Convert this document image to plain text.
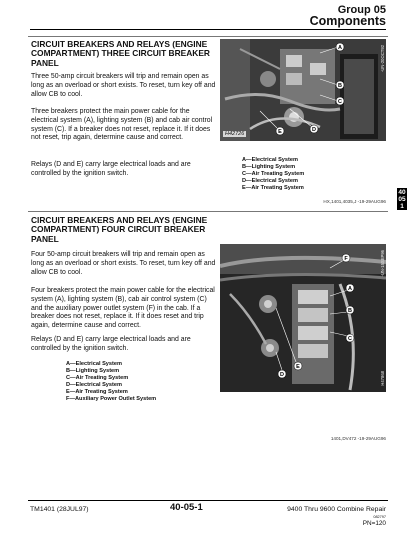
Group 05
Components
40
05
1
CIRCUIT BREAKERS AND RELAYS (ENGINE COMPARTMENT) THREE CIRCUIT BREAKER PANEL
Three 50-amp circuit breakers will trip and remain open as long as an overload or short exists. To reset, turn key off and allow CB to cool.
Three breakers protect the main power cable for the electrical system (A), lighting system (B) and cab air control system (C). If a breaker does not reset, replace it. If it does not reset, trip again, determine cause and correct.
Relays (D and E) carry large electrical loads and are controlled by the ignition switch.
A
B
C
D
E
H42726
-UN-20OCT92
A—Electrical System
B—Lighting System
C—Air Treating System
D—Electrical System
E—Air Treating System
HX,1401,4035,J -19-29AUG96
CIRCUIT BREAKERS AND RELAYS (ENGINE COMPARTMENT) FOUR CIRCUIT BREAKER PANEL
Four 50-amp circuit breakers will trip and remain open as long as an overload or short exists. To reset, turn key off and allow CB to cool.
Four breakers protect the main power cable for the electrical system (A), lighting system (B), cab air control system (C) and the auxiliary power outlet system (F) in the cab. If a breaker does not reset, replace it. If it does reset and trip again, determine cause and correct.
Relays (D and E) carry large electrical loads and are controlled by the ignition switch.
A—Electrical System
B—Lighting System
C—Air Treating System
D—Electrical System
E—Air Treating System
F—Auxiliary Power Outlet System
F
A
B
C
E
D
-UN-15SEP96
H47868
1401,DV472 -19-29AUG96
TM1401 (28JUL97)	40-05-1	9400 Thru 9600 Combine Repair
082797
PN=120
